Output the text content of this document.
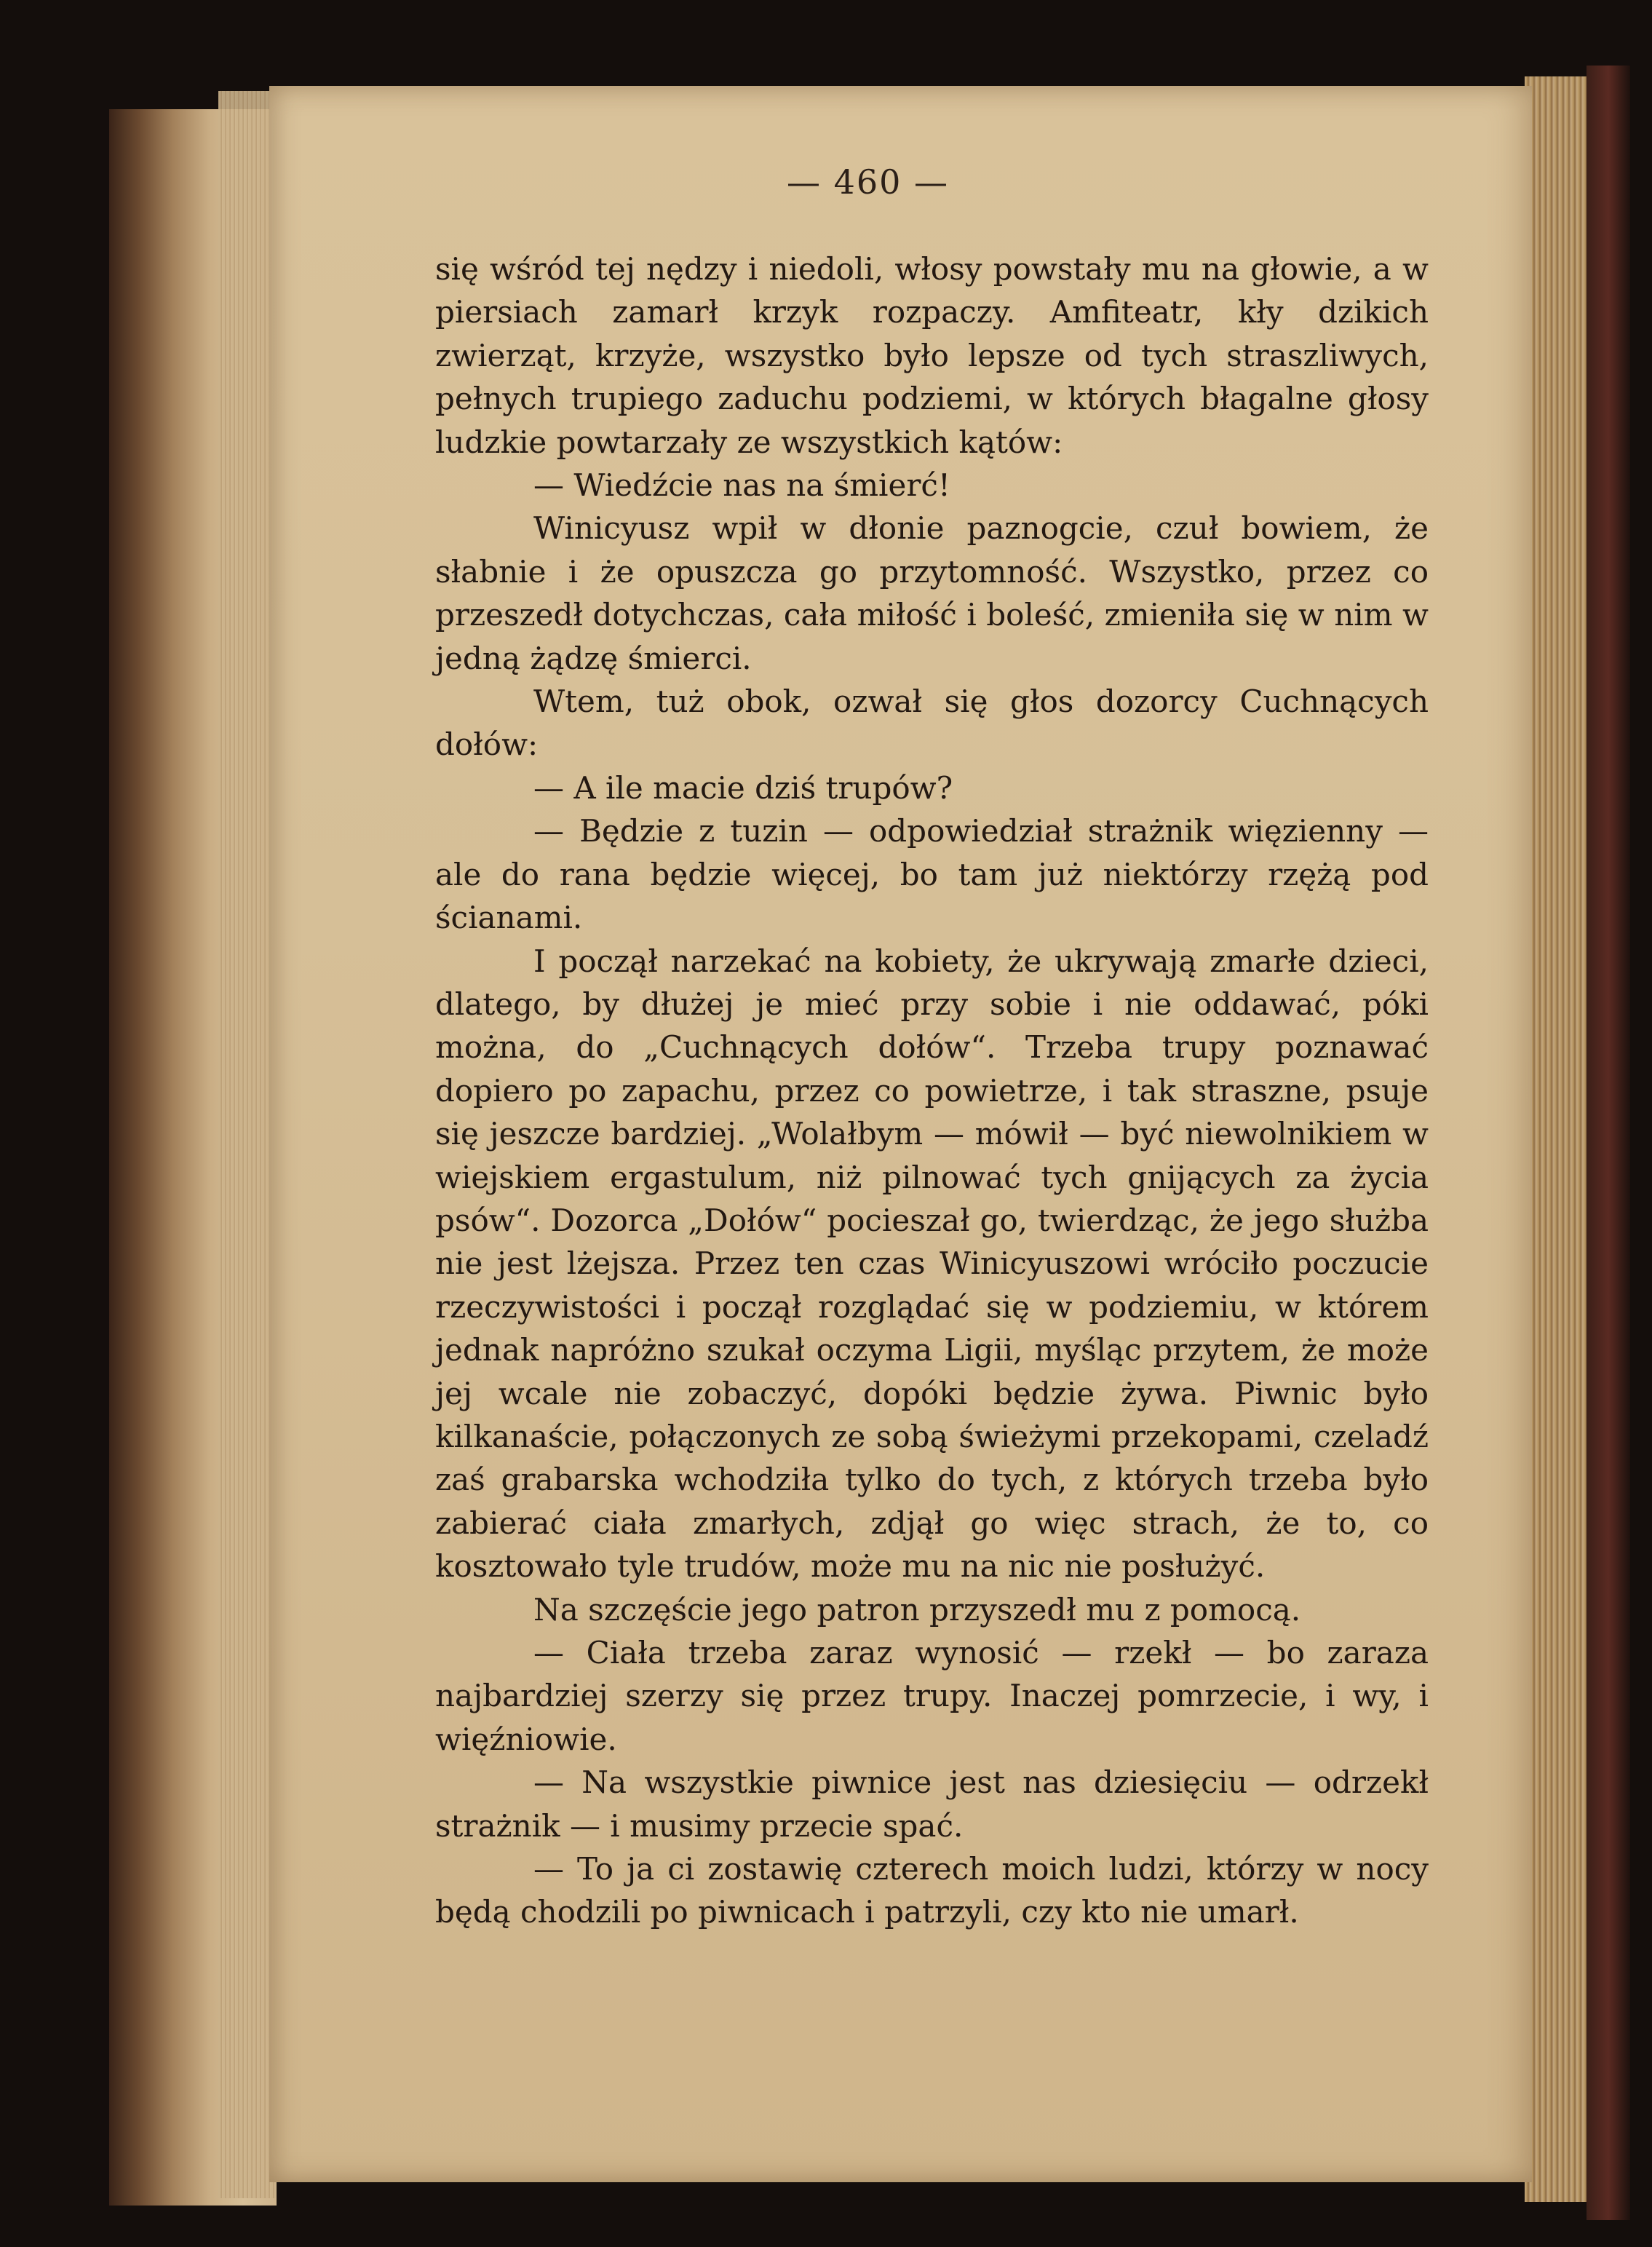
— 460 —

się wśród tej nędzy i niedoli, włosy powstały mu na głowie, a w piersiach zamarł krzyk rozpaczy. Amfiteatr, kły dzikich zwierząt, krzyże, wszystko było lepsze od tych straszliwych, pełnych trupiego zaduchu podziemi, w których błagalne głosy ludzkie powtarzały ze wszystkich kątów:

— Wiedźcie nas na śmierć!

Winicyusz wpił w dłonie paznogcie, czuł bowiem, że słabnie i że opuszcza go przytomność. Wszystko, przez co przeszedł dotychczas, cała miłość i boleść, zmieniła się w nim w jedną żądzę śmierci.

Wtem, tuż obok, ozwał się głos dozorcy Cuchnących dołów:

— A ile macie dziś trupów?

— Będzie z tuzin — odpowiedział strażnik więzienny — ale do rana będzie więcej, bo tam już niektórzy rzężą pod ścianami.

I począł narzekać na kobiety, że ukrywają zmarłe dzieci, dlatego, by dłużej je mieć przy sobie i nie oddawać, póki można, do „Cuchnących dołów“. Trzeba trupy poznawać dopiero po zapachu, przez co powietrze, i tak straszne, psuje się jeszcze bardziej. „Wolałbym — mówił — być niewolnikiem w wiejskiem ergastulum, niż pilnować tych gnijących za życia psów“. Dozorca „Dołów“ pocieszał go, twierdząc, że jego służba nie jest lżejsza. Przez ten czas Winicyuszowi wróciło poczucie rzeczywistości i począł rozglądać się w podziemiu, w którem jednak napróżno szukał oczyma Ligii, myśląc przytem, że może jej wcale nie zobaczyć, dopóki będzie żywa. Piwnic było kilkanaście, połączonych ze sobą świeżymi przekopami, czeladź zaś grabarska wchodziła tylko do tych, z których trzeba było zabierać ciała zmarłych, zdjął go więc strach, że to, co kosztowało tyle trudów, może mu na nic nie posłużyć.

Na szczęście jego patron przyszedł mu z pomocą.

— Ciała trzeba zaraz wynosić — rzekł — bo zaraza najbardziej szerzy się przez trupy. Inaczej pomrzecie, i wy, i więźniowie.

— Na wszystkie piwnice jest nas dziesięciu — odrzekł strażnik — i musimy przecie spać.

— To ja ci zostawię czterech moich ludzi, którzy w nocy będą chodzili po piwnicach i patrzyli, czy kto nie umarł.
